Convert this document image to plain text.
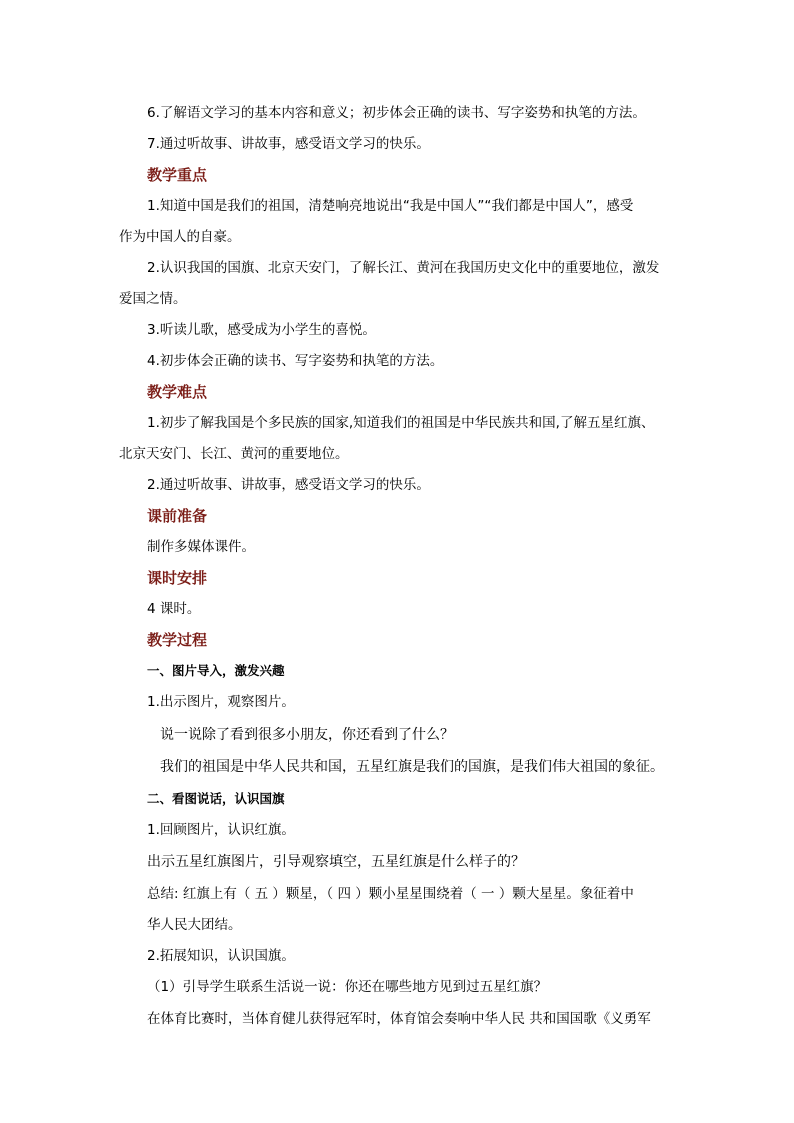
6.了解语文学习的基本内容和意义；初步体会正确的读书、写字姿势和执笔的方法。
7.通过听故事、讲故事，感受语文学习的快乐。
教学重点
1.知道中国是我们的祖国，清楚响亮地说出“我是中国人”“我们都是中国人”，感受
作为中国人的自豪。
2.认识我国的国旗、北京天安门，了解长江、黄河在我国历史文化中的重要地位，激发
爱国之情。
3.听读儿歌，感受成为小学生的喜悦。
4.初步体会正确的读书、写字姿势和执笔的方法。
教学难点
1.初步了解我国是个多民族的国家,知道我们的祖国是中华民族共和国,了解五星红旗、
北京天安门、长江、黄河的重要地位。
2.通过听故事、讲故事，感受语文学习的快乐。
课前准备
制作多媒体课件。
课时安排
4 课时。
教学过程
一、图片导入，激发兴趣
1.出示图片，观察图片。
说一说除了看到很多小朋友，你还看到了什么？
我们的祖国是中华人民共和国，五星红旗是我们的国旗，是我们伟大祖国的象征。
二、看图说话，认识国旗
1.回顾图片，认识红旗。
出示五星红旗图片，引导观察填空，五星红旗是什么样子的？
总结: 红旗上有（ 五 ）颗星，（ 四 ）颗小星星围绕着（ 一 ）颗大星星。象征着中
华人民大团结。
2.拓展知识，认识国旗。
（1）引导学生联系生活说一说：你还在哪些地方见到过五星红旗？
在体育比赛时，当体育健儿获得冠军时，体育馆会奏响中华人民 共和国国歌《义勇军
